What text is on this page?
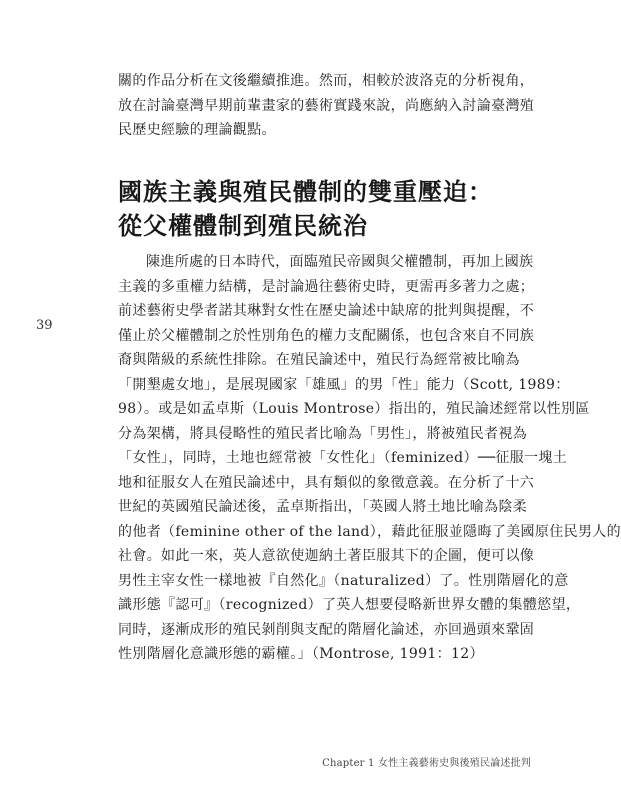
39
關的作品分析在文後繼續推進。然而，相較於波洛克的分析視角，
放在討論臺灣早期前輩畫家的藝術實踐來說，尚應納入討論臺灣殖
民歷史經驗的理論觀點。
國族主義與殖民體制的雙重壓迫：
從父權體制到殖民統治
陳進所處的日本時代，面臨殖民帝國與父權體制，再加上國族
主義的多重權力結構，是討論過往藝術史時，更需再多著力之處；
前述藝術史學者諾其琳對女性在歷史論述中缺席的批判與提醒，不
僅止於父權體制之於性別角色的權力支配關係，也包含來自不同族
裔與階級的系統性排除。在殖民論述中，殖民行為經常被比喻為
「開墾處女地」，是展現國家「雄風」的男「性」能力（Scott, 1989：
98）。或是如孟卓斯（Louis Montrose）指出的，殖民論述經常以性別區
分為架構，將具侵略性的殖民者比喻為「男性」，將被殖民者視為
「女性」，同時，土地也經常被「女性化」（feminized）──征服一塊土
地和征服女人在殖民論述中，具有類似的象徵意義。在分析了十六
世紀的英國殖民論述後，孟卓斯指出，「英國人將土地比喻為陰柔
的他者（feminine other of the land），藉此征服並隱晦了美國原住民男人的
社會。如此一來，英人意欲使迦納土著臣服其下的企圖，便可以像
男性主宰女性一樣地被『自然化』（naturalized）了。性別階層化的意
識形態『認可』（recognized）了英人想要侵略新世界女體的集體慾望，
同時，逐漸成形的殖民剝削與支配的階層化論述，亦回過頭來鞏固
性別階層化意識形態的霸權。」（Montrose, 1991：12）
Chapter 1 女性主義藝術史與後殖民論述批判
